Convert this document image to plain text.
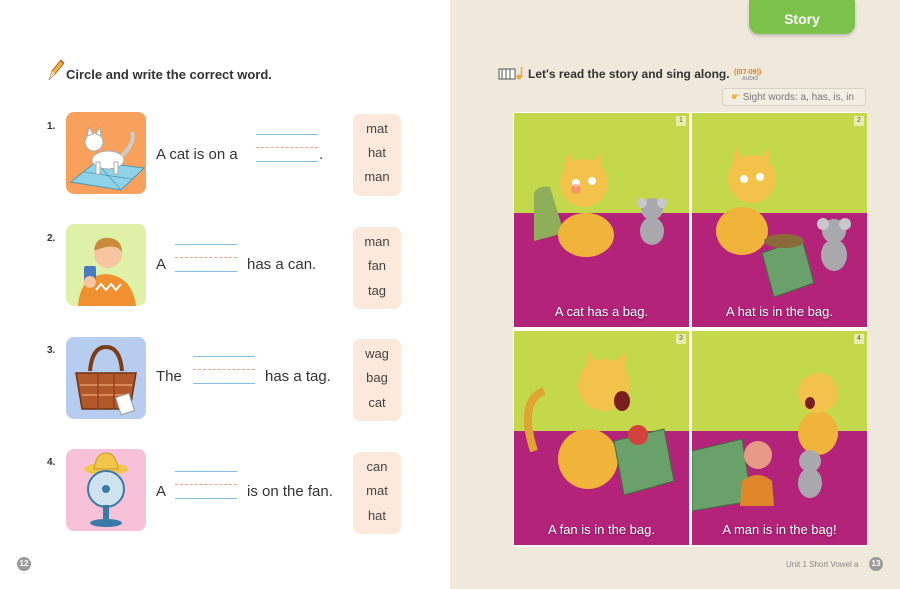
Circle and write the correct word.
1.
A cat is on a	.
mat
hat
man
2.
A	has a can.
man
fan
tag
3.
The	has a tag.
wag
bag
cat
4.
A	is on the fan.
can
mat
hat
12
Story
Let's read the story and sing along. ((07-09))
AUDIO
☛ Sight words: a, has, is, in
1
A cat has a bag.
2
A hat is in the bag.
3
A fan is in the bag.
4
A man is in the bag!
Unit 1 Short Vowel a	13
